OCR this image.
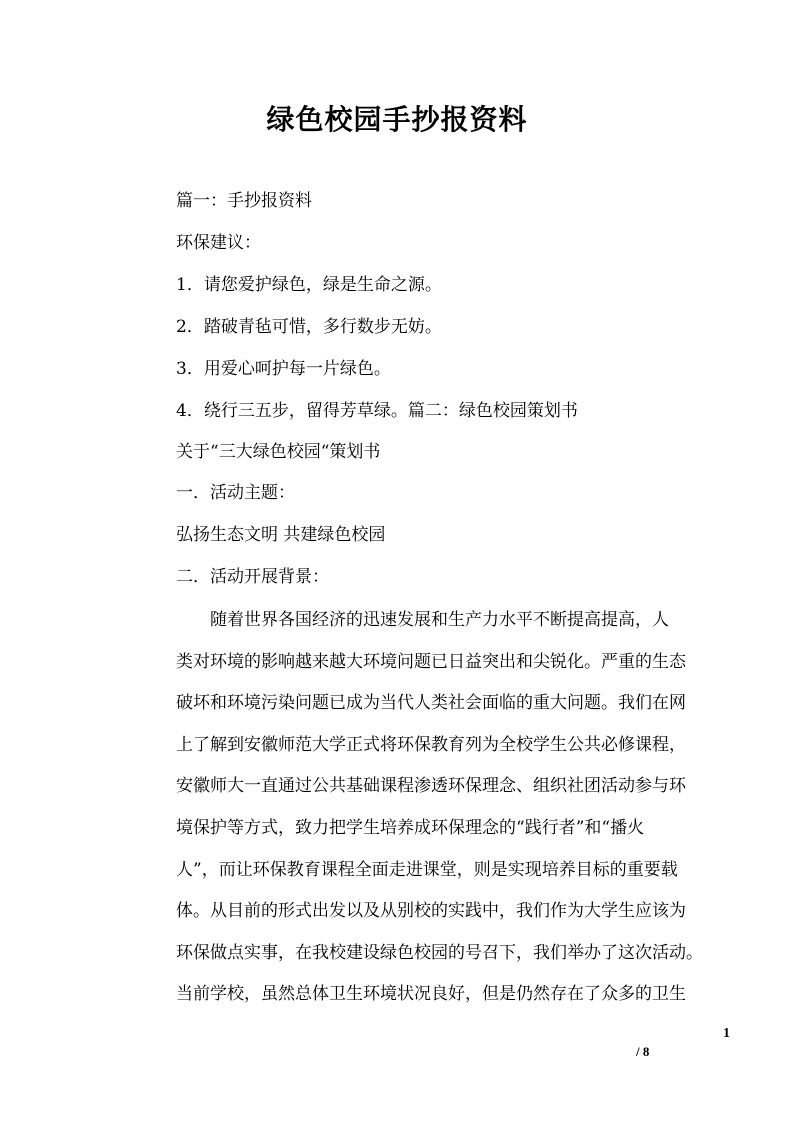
绿色校园手抄报资料
篇一：手抄报资料
环保建议：
1．请您爱护绿色，绿是生命之源。
2．踏破青毡可惜，多行数步无妨。
3．用爱心呵护每一片绿色。
4．绕行三五步，留得芳草绿。篇二：绿色校园策划书
关于“三大绿色校园“策划书
一．活动主题：
弘扬生态文明 共建绿色校园
二．活动开展背景：
随着世界各国经济的迅速发展和生产力水平不断提高提高，人
类对环境的影响越来越大环境问题已日益突出和尖锐化。严重的生态
破坏和环境污染问题已成为当代人类社会面临的重大问题。我们在网
上了解到安徽师范大学正式将环保教育列为全校学生公共必修课程，
安徽师大一直通过公共基础课程渗透环保理念、组织社团活动参与环
境保护等方式，致力把学生培养成环保理念的“践行者”和“播火
人”，而让环保教育课程全面走进课堂，则是实现培养目标的重要载
体。从目前的形式出发以及从别校的实践中，我们作为大学生应该为
环保做点实事，在我校建设绿色校园的号召下，我们举办了这次活动。
当前学校，虽然总体卫生环境状况良好，但是仍然存在了众多的卫生
1
/ 8
